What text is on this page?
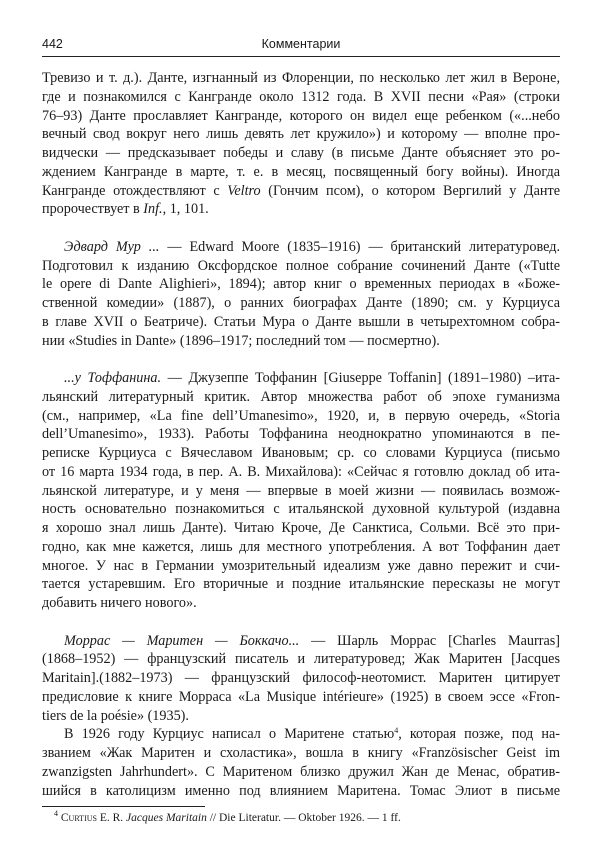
442	Комментарии
Тревизо и т. д.). Данте, изгнанный из Флоренции, по несколько лет жил в Вероне,
где и познакомился с Кангранде около 1312 года. В XVII песни «Рая» (строки
76–93) Данте прославляет Кангранде, которого он видел еще ребенком («...небо
вечный свод вокруг него лишь девять лет кружило») и которому — вполне про-
видчески — предсказывает победы и славу (в письме Данте объясняет это ро-
ждением Кангранде в марте, т. е. в месяц, посвященный богу войны). Иногда
Кангранде отождествляют с Veltro (Гончим псом), о котором Вергилий у Данте
пророчествует в Inf., 1, 101.
Эдвард Мур ... — Edward Moore (1835–1916) — британский литературовед.
Подготовил к изданию Оксфордское полное собрание сочинений Данте («Tutte
le opere di Dante Alighieri», 1894); автор книг о временных периодах в «Боже-
ственной комедии» (1887), о ранних биографах Данте (1890; см. у Курциуса
в главе XVII о Беатриче). Статьи Мура о Данте вышли в четырехтомном собра-
нии «Studies in Dante» (1896–1917; последний том — посмертно).
...у Тоффанина. — Джузеппе Тоффанин [Giuseppe Toffanin] (1891–1980) –ита-
льянский литературный критик. Автор множества работ об эпохе гуманизма
(см., например, «La fine dell’Umanesimo», 1920, и, в первую очередь, «Storia
dell’Umanesimo», 1933). Работы Тоффанина неоднократно упоминаются в пе-
реписке Курциуса с Вячеславом Ивановым; ср. со словами Курциуса (письмо
от 16 марта 1934 года, в пер. А. В. Михайлова): «Сейчас я готовлю доклад об ита-
льянской литературе, и у меня — впервые в моей жизни — появилась возмож-
ность основательно познакомиться с итальянской духовной культурой (издавна
я хорошо знал лишь Данте). Читаю Кроче, Де Санктиса, Сольми. Всё это при-
годно, как мне кажется, лишь для местного употребления. А вот Тоффанин дает
многое. У нас в Германии умозрительный идеализм уже давно пережит и счи-
тается устаревшим. Его вторичные и поздние итальянские пересказы не могут
добавить ничего нового».
Моррас — Маритен — Боккачо... — Шарль Моррас [Charles Maurras]
(1868–1952) — французский писатель и литературовед; Жак Маритен [Jacques
Maritain].(1882–1973) — французский философ-неотомист. Маритен цитирует
предисловие к книге Морраса «La Musique intérieure» (1925) в своем эссе «Fron-
tiers de la poésie» (1935).
В 1926 году Курциус написал о Маритене статью$^4$, которая позже, под на-
званием «Жак Маритен и схоластика», вошла в книгу «Französischer Geist im
zwanzigsten Jahrhundert». С Маритеном близко дружил Жан де Менас, обратив-
шийся в католицизм именно под влиянием Маритена. Томас Элиот в письме
$^4$ Curtius E. R. Jacques Maritain // Die Literatur. — Oktober 1926. — 1 ff.
